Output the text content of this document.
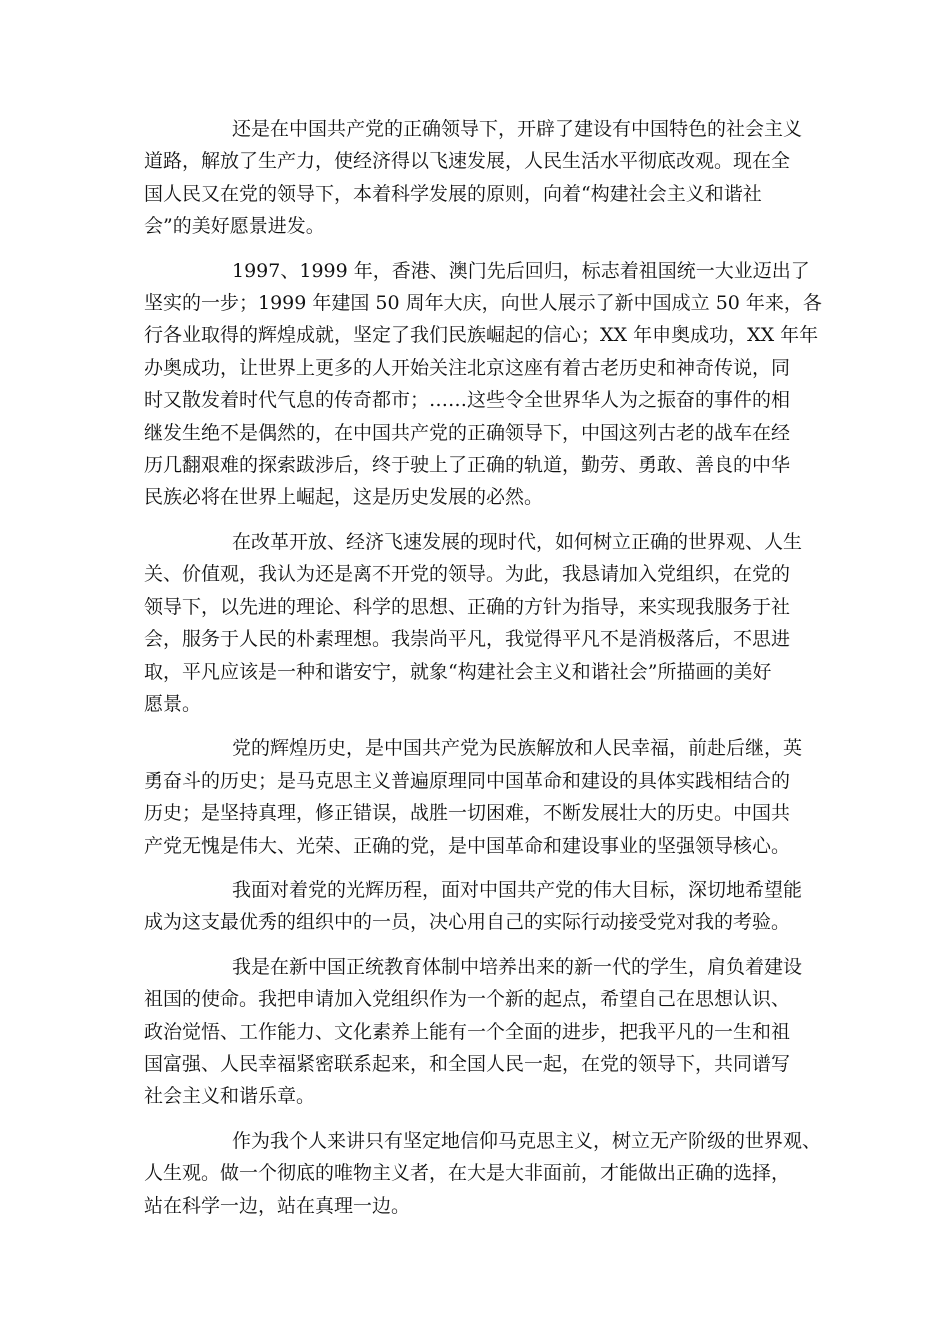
还是在中国共产党的正确领导下，开辟了建设有中国特色的社会主义
道路，解放了生产力，使经济得以飞速发展，人民生活水平彻底改观。现在全
国人民又在党的领导下，本着科学发展的原则，向着“构建社会主义和谐社
会”的美好愿景进发。

1997、1999 年，香港、澳门先后回归，标志着祖国统一大业迈出了
坚实的一步；1999 年建国 50 周年大庆，向世人展示了新中国成立 50 年来，各
行各业取得的辉煌成就，坚定了我们民族崛起的信心；XX 年申奥成功，XX 年年
办奥成功，让世界上更多的人开始关注北京这座有着古老历史和神奇传说，同
时又散发着时代气息的传奇都市；……这些令全世界华人为之振奋的事件的相
继发生绝不是偶然的，在中国共产党的正确领导下，中国这列古老的战车在经
历几翻艰难的探索跋涉后，终于驶上了正确的轨道，勤劳、勇敢、善良的中华
民族必将在世界上崛起，这是历史发展的必然。

在改革开放、经济飞速发展的现时代，如何树立正确的世界观、人生
关、价值观，我认为还是离不开党的领导。为此，我恳请加入党组织，在党的
领导下，以先进的理论、科学的思想、正确的方针为指导，来实现我服务于社
会，服务于人民的朴素理想。我崇尚平凡，我觉得平凡不是消极落后，不思进
取，平凡应该是一种和谐安宁，就象“构建社会主义和谐社会”所描画的美好
愿景。

党的辉煌历史，是中国共产党为民族解放和人民幸福，前赴后继，英
勇奋斗的历史；是马克思主义普遍原理同中国革命和建设的具体实践相结合的
历史；是坚持真理，修正错误，战胜一切困难，不断发展壮大的历史。中国共
产党无愧是伟大、光荣、正确的党，是中国革命和建设事业的坚强领导核心。

我面对着党的光辉历程，面对中国共产党的伟大目标，深切地希望能
成为这支最优秀的组织中的一员，决心用自己的实际行动接受党对我的考验。

我是在新中国正统教育体制中培养出来的新一代的学生，肩负着建设
祖国的使命。我把申请加入党组织作为一个新的起点，希望自己在思想认识、
政治觉悟、工作能力、文化素养上能有一个全面的进步，把我平凡的一生和祖
国富强、人民幸福紧密联系起来，和全国人民一起，在党的领导下，共同谱写
社会主义和谐乐章。

作为我个人来讲只有坚定地信仰马克思主义，树立无产阶级的世界观、
人生观。做一个彻底的唯物主义者，在大是大非面前，才能做出正确的选择，
站在科学一边，站在真理一边。
